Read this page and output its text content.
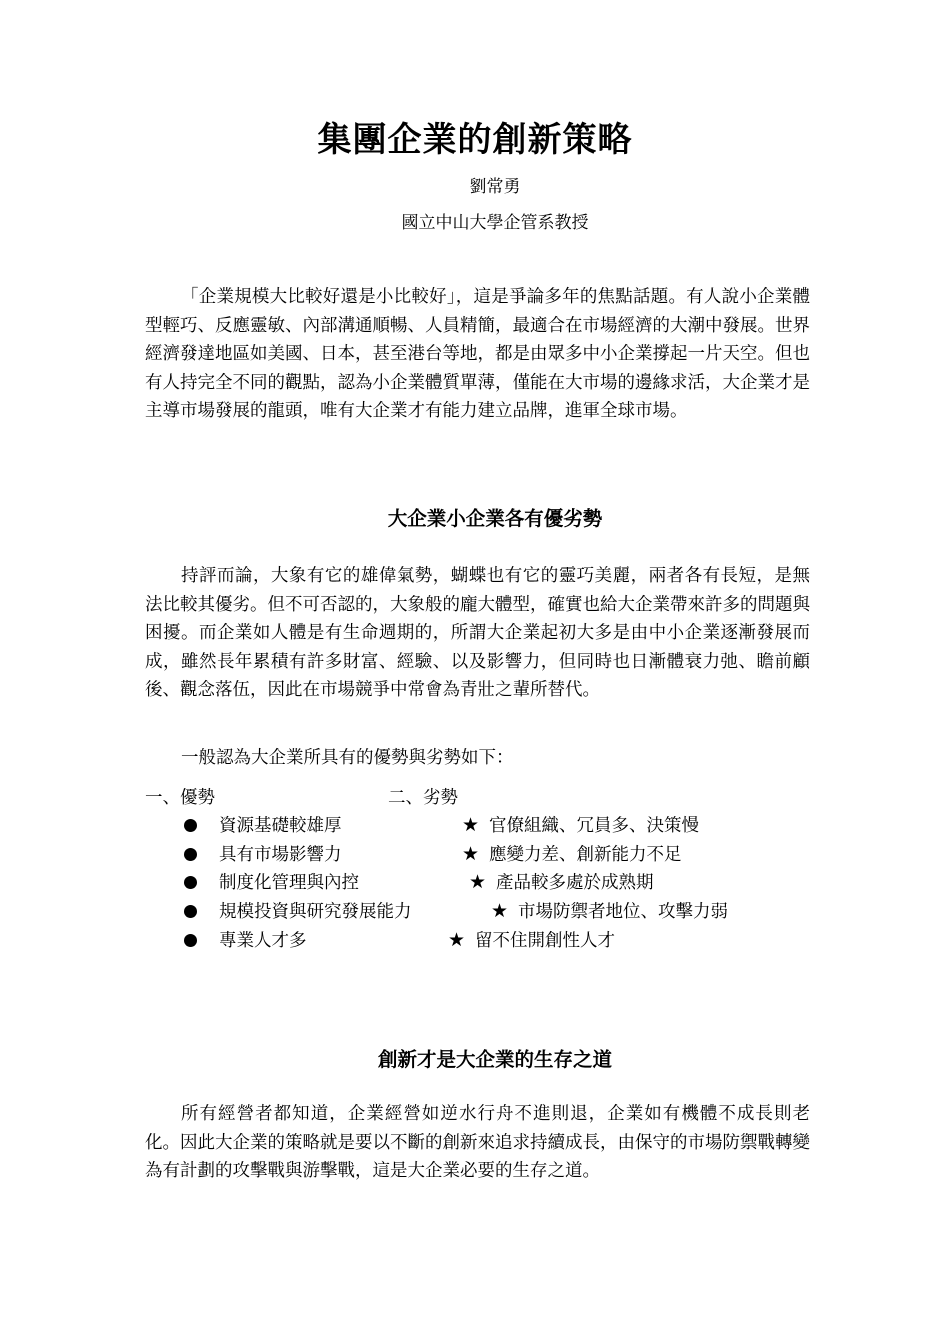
集團企業的創新策略
劉常勇
國立中山大學企管系教授
「企業規模大比較好還是小比較好」，這是爭論多年的焦點話題。有人說小企業體型輕巧、反應靈敏、內部溝通順暢、人員精簡，最適合在市場經濟的大潮中發展。世界經濟發達地區如美國、日本，甚至港台等地，都是由眾多中小企業撐起一片天空。但也有人持完全不同的觀點，認為小企業體質單薄，僅能在大市場的邊緣求活，大企業才是主導市場發展的龍頭，唯有大企業才有能力建立品牌，進軍全球市場。
大企業小企業各有優劣勢
持評而論，大象有它的雄偉氣勢，蝴蝶也有它的靈巧美麗，兩者各有長短，是無法比較其優劣。但不可否認的，大象般的龐大體型，確實也給大企業帶來許多的問題與困擾。而企業如人體是有生命週期的，所謂大企業起初大多是由中小企業逐漸發展而成，雖然長年累積有許多財富、經驗、以及影響力，但同時也日漸體衰力弛、瞻前顧後、觀念落伍，因此在市場競爭中常會為青壯之輩所替代。
一般認為大企業所具有的優勢與劣勢如下：
一、優勢	二、劣勢
資源基礎較雄厚	★ 官僚組織、冗員多、決策慢
具有市場影響力	★ 應變力差、創新能力不足
制度化管理與內控	★ 產品較多處於成熟期
規模投資與研究發展能力	★ 市場防禦者地位、攻擊力弱
專業人才多	★ 留不住開創性人才
創新才是大企業的生存之道
所有經營者都知道，企業經營如逆水行舟不進則退，企業如有機體不成長則老化。因此大企業的策略就是要以不斷的創新來追求持續成長，由保守的市場防禦戰轉變為有計劃的攻擊戰與游擊戰，這是大企業必要的生存之道。
